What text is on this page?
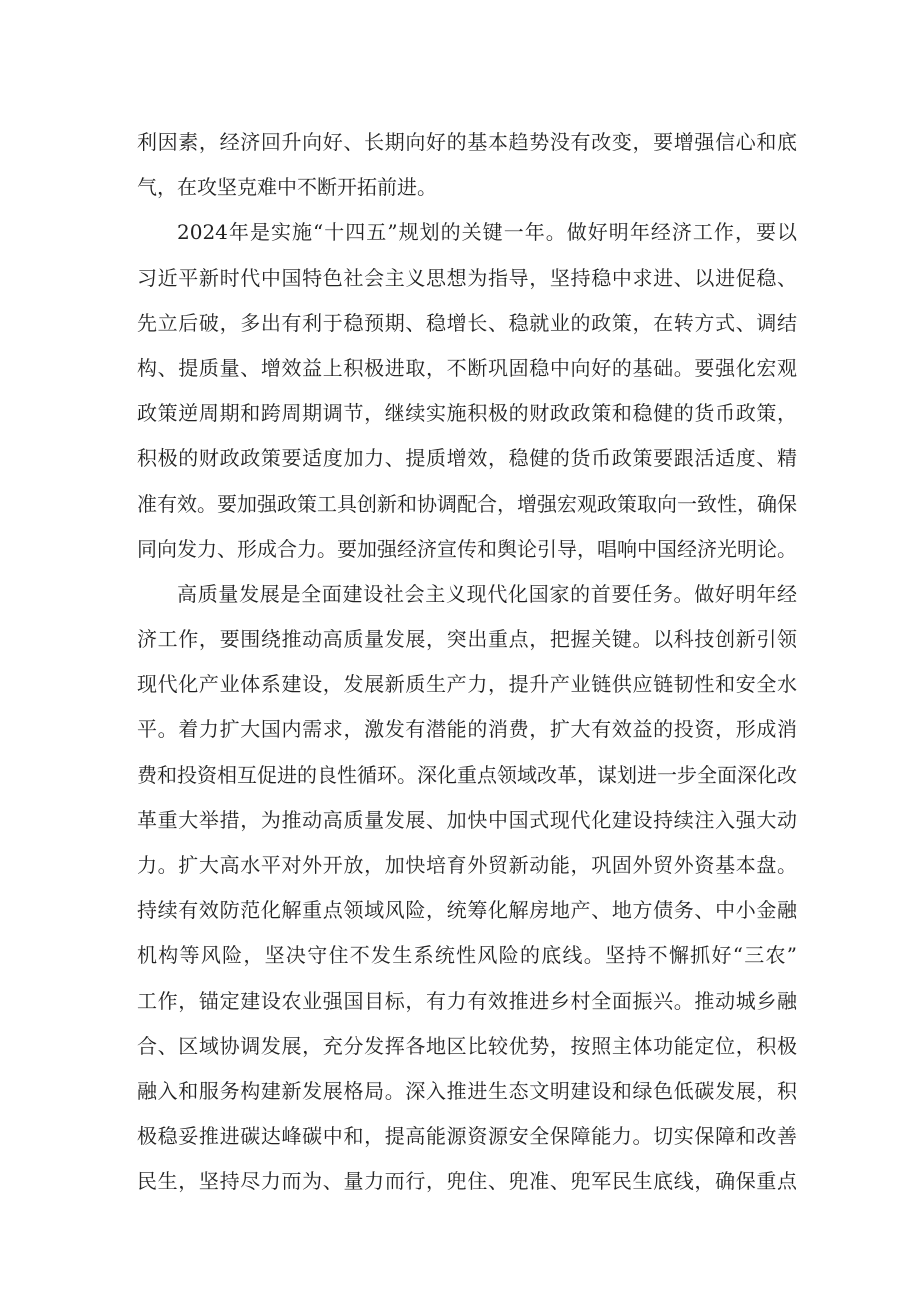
利因素，经济回升向好、长期向好的基本趋势没有改变，要增强信心和底
气，在攻坚克难中不断开拓前进。
2024年是实施“十四五”规划的关键一年。做好明年经济工作，要以
习近平新时代中国特色社会主义思想为指导，坚持稳中求进、以进促稳、
先立后破，多出有利于稳预期、稳增长、稳就业的政策，在转方式、调结
构、提质量、增效益上积极进取，不断巩固稳中向好的基础。要强化宏观
政策逆周期和跨周期调节，继续实施积极的财政政策和稳健的货币政策，
积极的财政政策要适度加力、提质增效，稳健的货币政策要跟活适度、精
准有效。要加强政策工具创新和协调配合，增强宏观政策取向一致性，确保
同向发力、形成合力。要加强经济宣传和舆论引导，唱响中国经济光明论。
高质量发展是全面建设社会主义现代化国家的首要任务。做好明年经
济工作，要围绕推动高质量发展，突出重点，把握关键。以科技创新引领
现代化产业体系建设，发展新质生产力，提升产业链供应链韧性和安全水
平。着力扩大国内需求，激发有潜能的消费，扩大有效益的投资，形成消
费和投资相互促进的良性循环。深化重点领域改革，谋划进一步全面深化改
革重大举措，为推动高质量发展、加快中国式现代化建设持续注入强大动
力。扩大高水平对外开放，加快培育外贸新动能，巩固外贸外资基本盘。
持续有效防范化解重点领域风险，统筹化解房地产、地方债务、中小金融
机构等风险，坚决守住不发生系统性风险的底线。坚持不懈抓好“三农”
工作，锚定建设农业强国目标，有力有效推进乡村全面振兴。推动城乡融
合、区域协调发展，充分发挥各地区比较优势，按照主体功能定位，积极
融入和服务构建新发展格局。深入推进生态文明建设和绿色低碳发展，积
极稳妥推进碳达峰碳中和，提高能源资源安全保障能力。切实保障和改善
民生，坚持尽力而为、量力而行，兜住、兜准、兜军民生底线，确保重点
